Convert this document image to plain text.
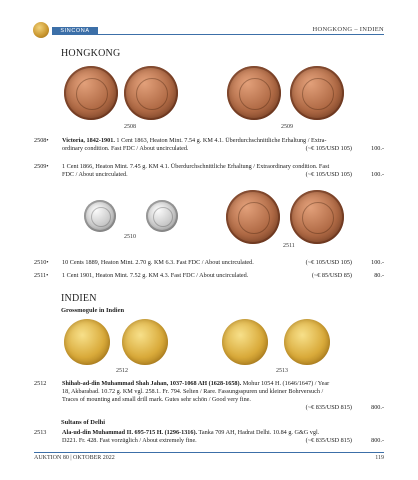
SINCONA	HONGKONG – INDIEN
HONGKONG
2508	2509
2508• Victoria, 1842-1901. 1 Cent 1863, Heaton Mint. 7.54 g. KM 4.1. Überdurchschnittliche Erhaltung / Extra-ordinary condition. Fast FDC / About uncirculated.	(~€ 105/USD 105)	100.-
2509• 1 Cent 1866, Heaton Mint. 7.45 g. KM 4.1. Überdurchschnittliche Erhaltung / Extraordinary condition. Fast FDC / About uncirculated.	(~€ 105/USD 105)	100.-
2510
2511
2510• 10 Cents 1889, Heaton Mint. 2.70 g. KM 6.3. Fast FDC / About uncirculated.	(~€ 105/USD 105)	100.-
2511• 1 Cent 1901, Heaton Mint. 7.52 g. KM 4.3. Fast FDC / About uncirculated.	(~€ 85/USD 85)	80.-
INDIEN
Grossmogule in Indien
2512	2513
2512	Shihab-ad-din Muhammad Shah Jahan, 1037-1068 AH (1628-1658). Mohur 1054 H. (1646/1647) / Year 18, Akbarabad. 10.72 g. KM vgl. 258.1. Fr. 794. Selten / Rare. Fassungsspuren und kleiner Bohrversuch / Traces of mounting and small drill mark. Gutes sehr schön / Good very fine.
(~€ 835/USD 815)	800.-
Sultans of Delhi
2513	Ala-ud-din Muhammad II. 695-715 H. (1296-1316). Tanka 709 AH, Hadrat Delhi. 10.84 g. G&G vgl. D221. Fr. 428. Fast vorzüglich / About extremely fine.	(~€ 835/USD 815)	800.-
AUKTION 80 | OKTOBER 2022	119
